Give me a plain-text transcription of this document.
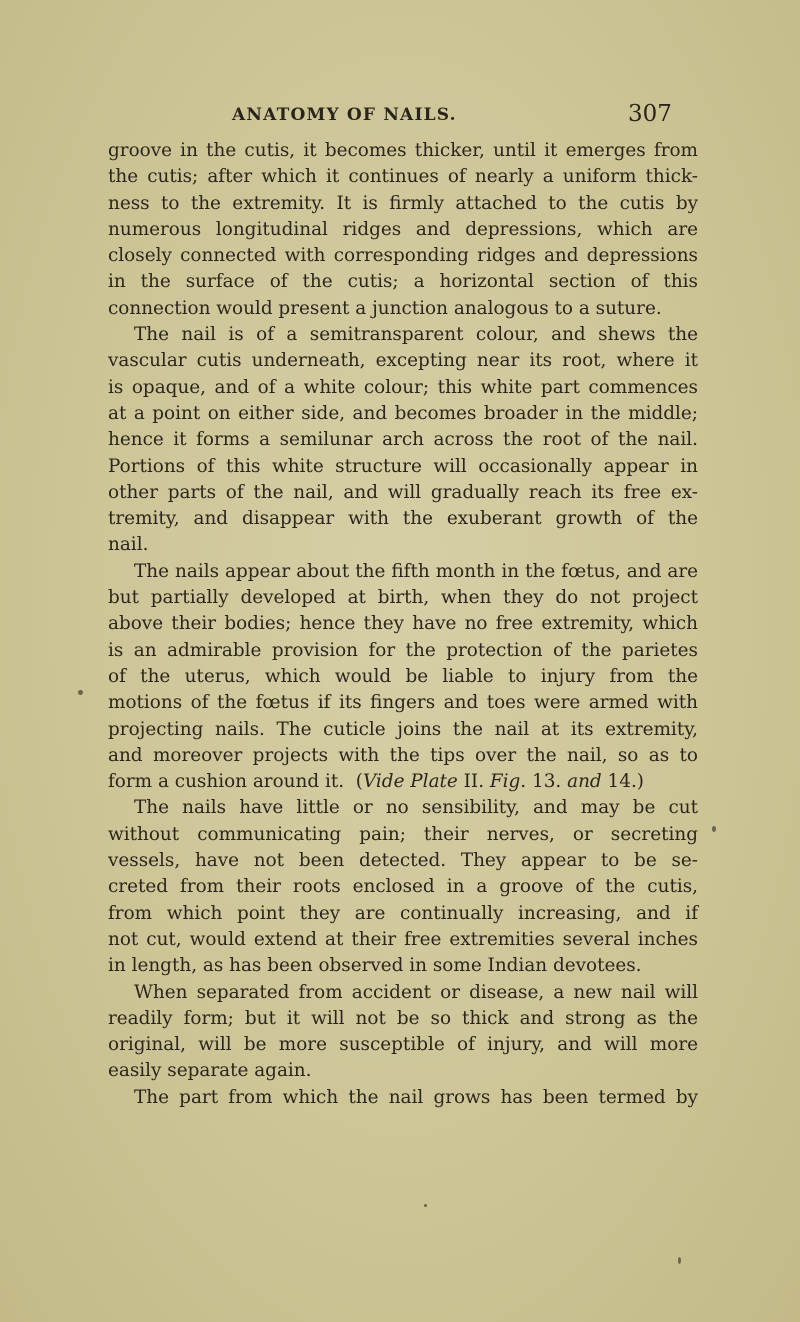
ANATOMY OF NAILS.	307
groove in the cutis, it becomes thicker, until it emerges from
the cutis; after which it continues of nearly a uniform thick-
ness to the extremity. It is firmly attached to the cutis by
numerous longitudinal ridges and depressions, which are
closely connected with corresponding ridges and depressions
in the surface of the cutis; a horizontal section of this
connection would present a junction analogous to a suture.
The nail is of a semitransparent colour, and shews the
vascular cutis underneath, excepting near its root, where it
is opaque, and of a white colour; this white part commences
at a point on either side, and becomes broader in the middle;
hence it forms a semilunar arch across the root of the nail.
Portions of this white structure will occasionally appear in
other parts of the nail, and will gradually reach its free ex-
tremity, and disappear with the exuberant growth of the
nail.
The nails appear about the fifth month in the fœtus, and are
but partially developed at birth, when they do not project
above their bodies; hence they have no free extremity, which
is an admirable provision for the protection of the parietes
of the uterus, which would be liable to injury from the
motions of the fœtus if its fingers and toes were armed with
projecting nails. The cuticle joins the nail at its extremity,
and moreover projects with the tips over the nail, so as to
form a cushion around it.  (Vide Plate II. Fig. 13. and 14.)
The nails have little or no sensibility, and may be cut
without communicating pain; their nerves, or secreting
vessels, have not been detected. They appear to be se-
creted from their roots enclosed in a groove of the cutis,
from which point they are continually increasing, and if
not cut, would extend at their free extremities several inches
in length, as has been observed in some Indian devotees.
When separated from accident or disease, a new nail will
readily form; but it will not be so thick and strong as the
original, will be more susceptible of injury, and will more
easily separate again.
The part from which the nail grows has been termed by
